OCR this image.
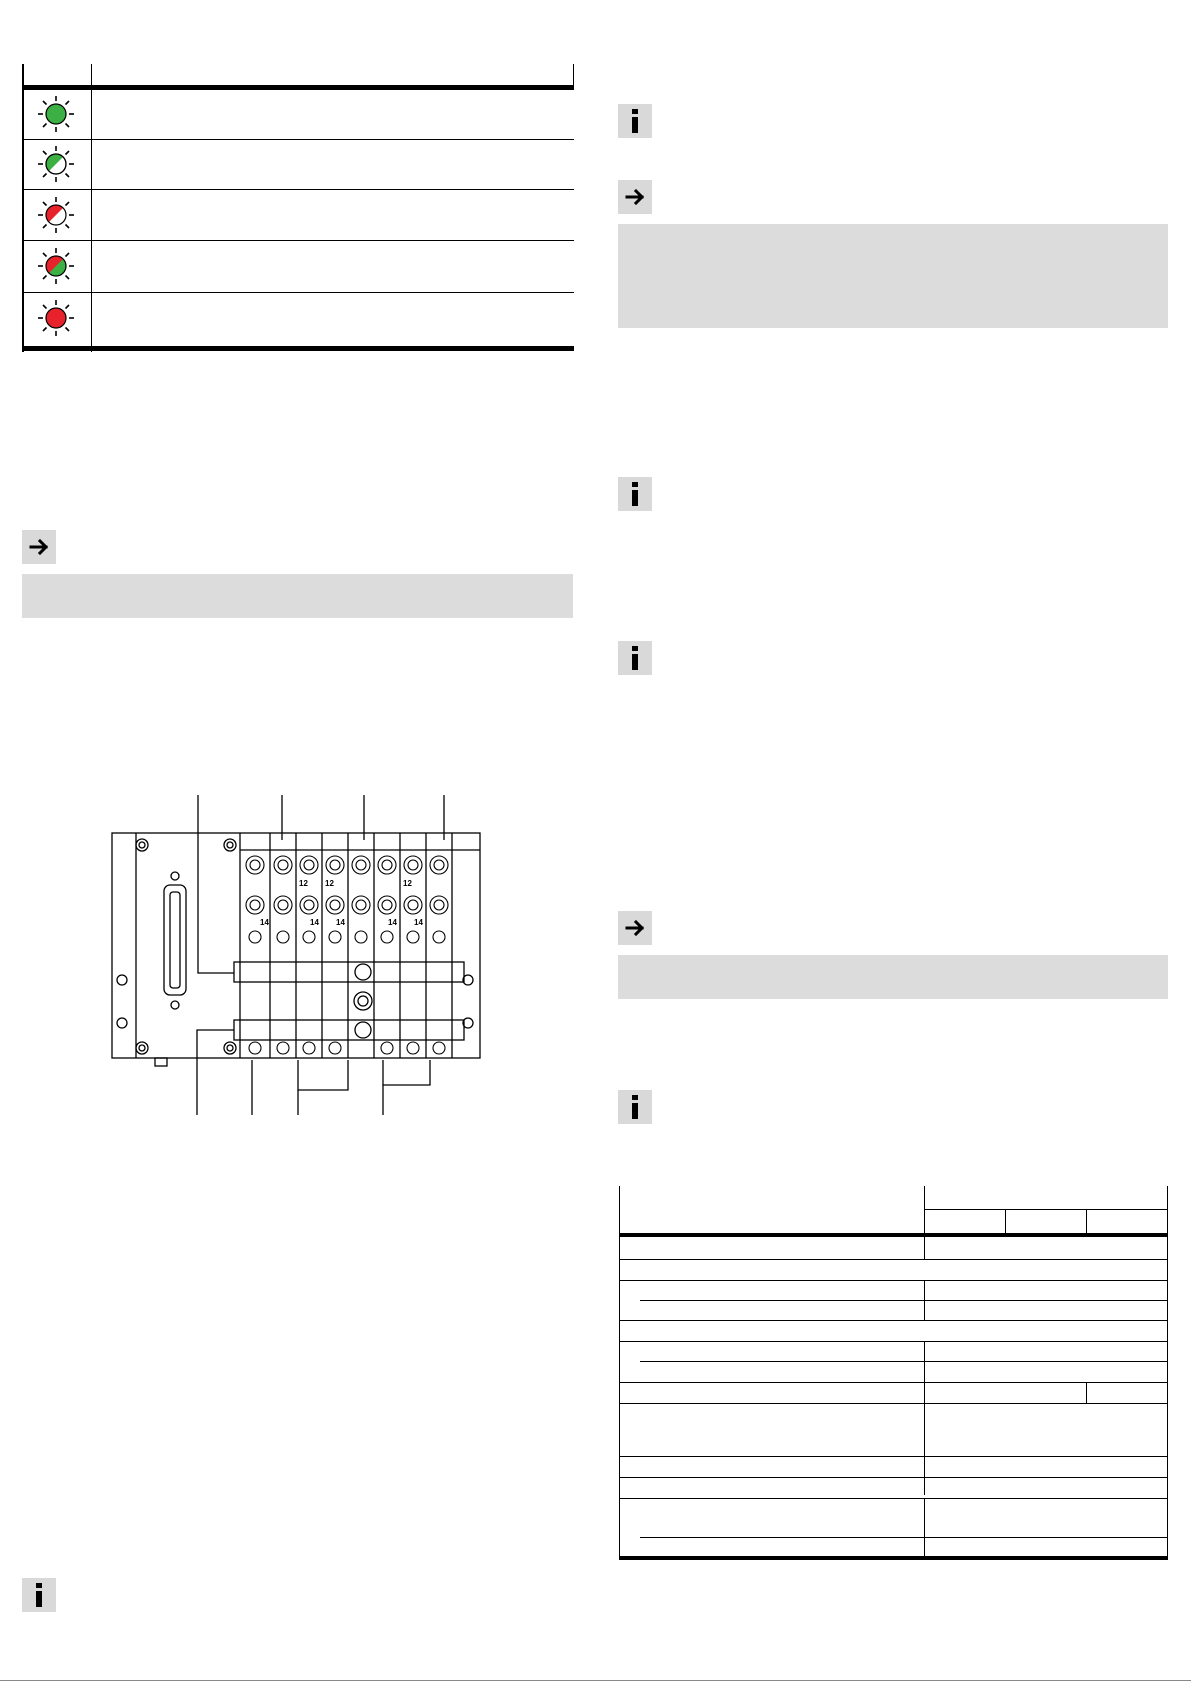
12 12	12
14	14 14	14 14
